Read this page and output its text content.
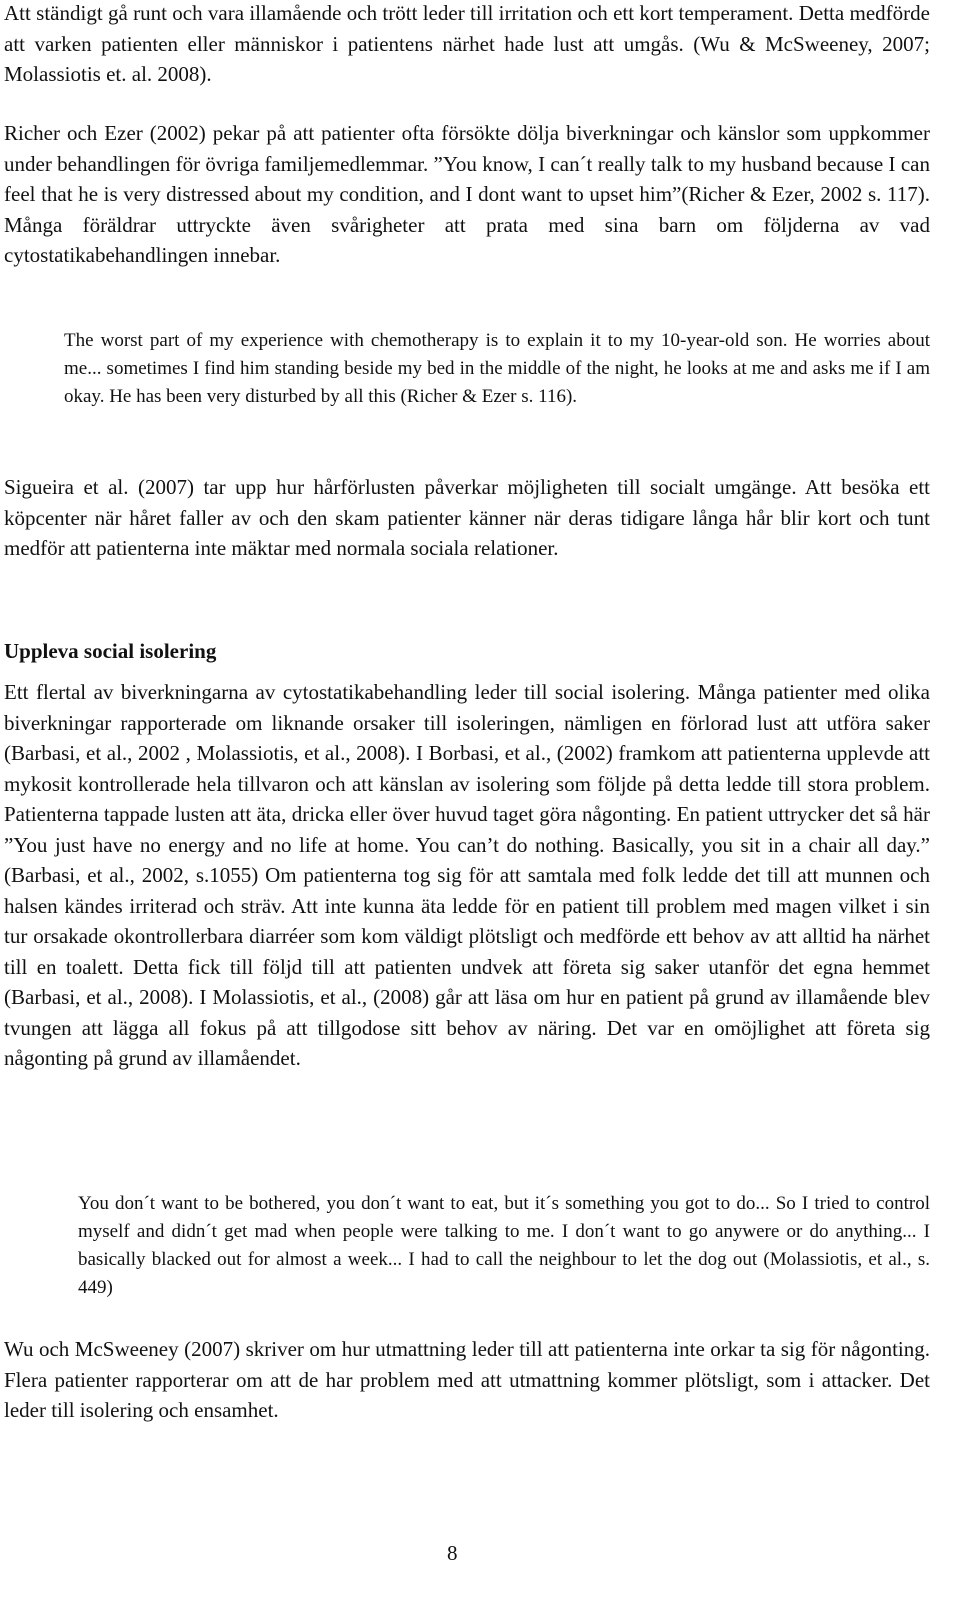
Att ständigt gå runt och vara illamående och trött leder till irritation och ett kort temperament. Detta medförde att varken patienten eller människor i patientens närhet hade lust att umgås. (Wu & McSweeney, 2007; Molassiotis et. al. 2008).

Richer och Ezer (2002) pekar på att patienter ofta försökte dölja biverkningar och känslor som uppkommer under behandlingen för övriga familjemedlemmar. ”You know, I can´t really talk to my husband because I can feel that he is very distressed about my condition, and I dont want to upset him”(Richer & Ezer, 2002 s. 117). Många föräldrar uttryckte även svårigheter att prata med sina barn om följderna av vad cytostatikabehandlingen innebar.

The worst part of my experience with chemotherapy is to explain it to my 10-year-old son. He worries about me... sometimes I find him standing beside my bed in the middle of the night, he looks at me and asks me if I am okay. He has been very disturbed by all this (Richer & Ezer s. 116).

Sigueira et al. (2007) tar upp hur hårförlusten påverkar möjligheten till socialt umgänge. Att besöka ett köpcenter när håret faller av och den skam patienter känner när deras tidigare långa hår blir kort och tunt medför att patienterna inte mäktar med normala sociala relationer.

Uppleva social isolering

Ett flertal av biverkningarna av cytostatikabehandling leder till social isolering. Många patienter med olika biverkningar rapporterade om liknande orsaker till isoleringen, nämligen en förlorad lust att utföra saker (Barbasi, et al., 2002 , Molassiotis, et al., 2008). I Borbasi, et al., (2002) framkom att patienterna upplevde att mykosit kontrollerade hela tillvaron och att känslan av isolering som följde på detta ledde till stora problem. Patienterna tappade lusten att äta, dricka eller över huvud taget göra någonting. En patient uttrycker det så här ”You just have no energy and no life at home. You can’t do nothing. Basically, you sit in a chair all day.” (Barbasi, et al., 2002, s.1055) Om patienterna tog sig för att samtala med folk ledde det till att munnen och halsen kändes irriterad och sträv. Att inte kunna äta ledde för en patient till problem med magen vilket i sin tur orsakade okontrollerbara diarréer som kom väldigt plötsligt och medförde ett behov av att alltid ha närhet till en toalett. Detta fick till följd till att patienten undvek att företa sig saker utanför det egna hemmet (Barbasi, et al., 2008). I Molassiotis, et al., (2008) går att läsa om hur en patient på grund av illamående blev tvungen att lägga all fokus på att tillgodose sitt behov av näring. Det var en omöjlighet att företa sig någonting på grund av illamåendet.

You don´t want to be bothered, you don´t want to eat, but it´s something you got to do... So I tried to control myself and didn´t get mad when people were talking to me. I don´t want to go anywere or do anything... I basically blacked out for almost a week... I had to call the neighbour to let the dog out (Molassiotis, et al., s. 449)

Wu och McSweeney (2007) skriver om hur utmattning leder till att patienterna inte orkar ta sig för någonting. Flera patienter rapporterar om att de har problem med att utmattning kommer plötsligt, som i attacker. Det leder till isolering och ensamhet.

8
